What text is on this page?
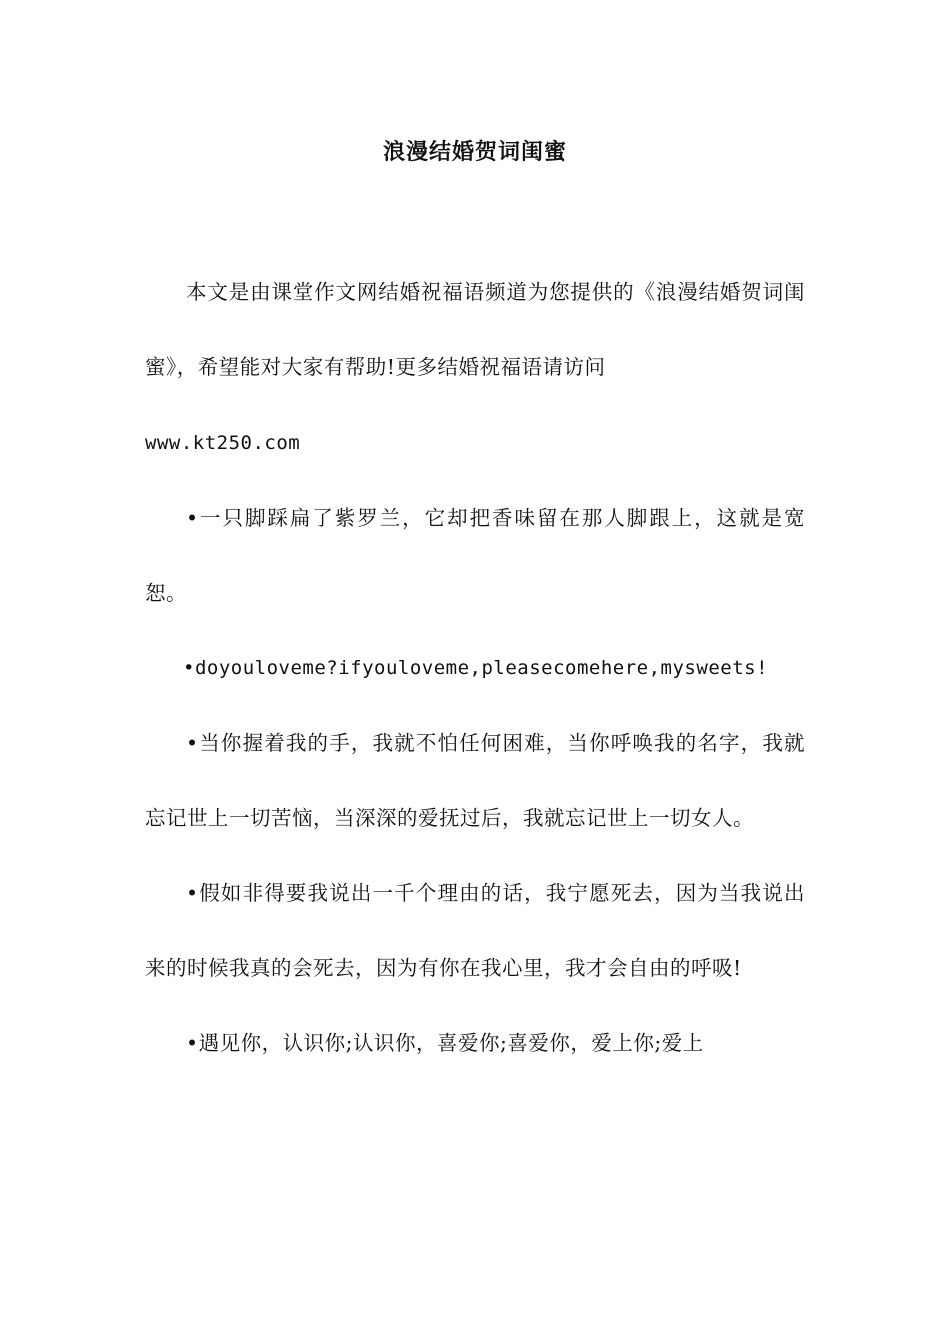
浪漫结婚贺词闺蜜

本文是由课堂作文网结婚祝福语频道为您提供的《浪漫结婚贺词闺蜜》，希望能对大家有帮助!更多结婚祝福语请访问
www.kt250.com

•一只脚踩扁了紫罗兰，它却把香味留在那人脚跟上，这就是宽恕。

•doyouloveme?ifyouloveme,pleasecomehere,mysweets!

•当你握着我的手，我就不怕任何困难，当你呼唤我的名字，我就忘记世上一切苦恼，当深深的爱抚过后，我就忘记世上一切女人。

•假如非得要我说出一千个理由的话，我宁愿死去，因为当我说出来的时候我真的会死去，因为有你在我心里，我才会自由的呼吸!

•遇见你，认识你;认识你，喜爱你;喜爱你，爱上你;爱上
